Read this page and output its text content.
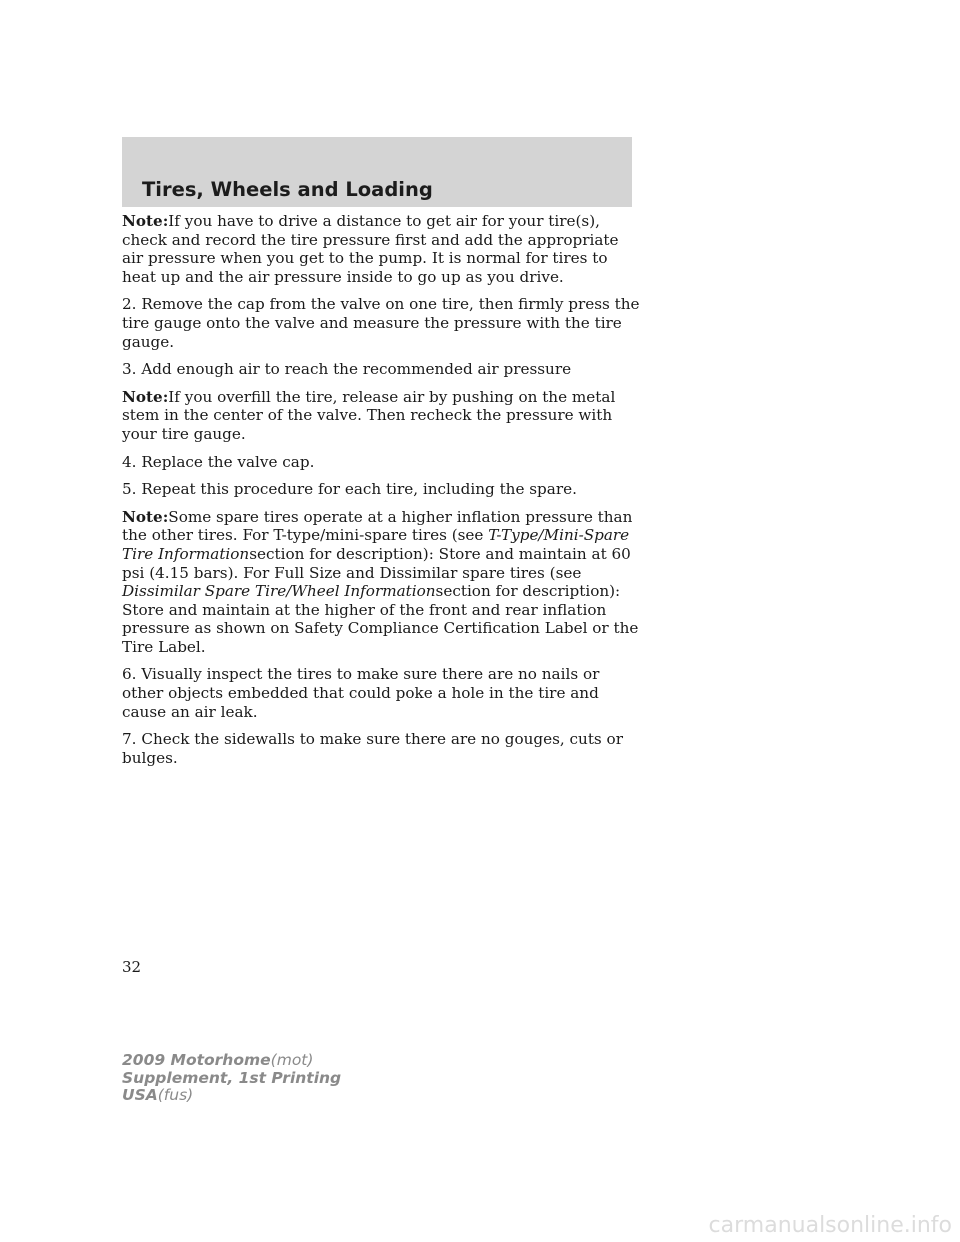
Tires, Wheels and Loading

Note:If you have to drive a distance to get air for your tire(s), check and record the tire pressure first and add the appropriate air pressure when you get to the pump. It is normal for tires to heat up and the air pressure inside to go up as you drive.

2. Remove the cap from the valve on one tire, then firmly press the tire gauge onto the valve and measure the pressure with the tire gauge.

3. Add enough air to reach the recommended air pressure

Note:If you overfill the tire, release air by pushing on the metal stem in the center of the valve. Then recheck the pressure with your tire gauge.

4. Replace the valve cap.

5. Repeat this procedure for each tire, including the spare.

Note:Some spare tires operate at a higher inflation pressure than the other tires. For T-type/mini-spare tires (see T-Type/Mini-Spare Tire Informationsection for description): Store and maintain at 60 psi (4.15 bars). For Full Size and Dissimilar spare tires (see Dissimilar Spare Tire/Wheel Informationsection for description): Store and maintain at the higher of the front and rear inflation pressure as shown on Safety Compliance Certification Label or the Tire Label.

6. Visually inspect the tires to make sure there are no nails or other objects embedded that could poke a hole in the tire and cause an air leak.

7. Check the sidewalls to make sure there are no gouges, cuts or bulges.

32
2009 Motorhome(mot)
Supplement, 1st Printing
USA(fus)
carmanualsonline.info
